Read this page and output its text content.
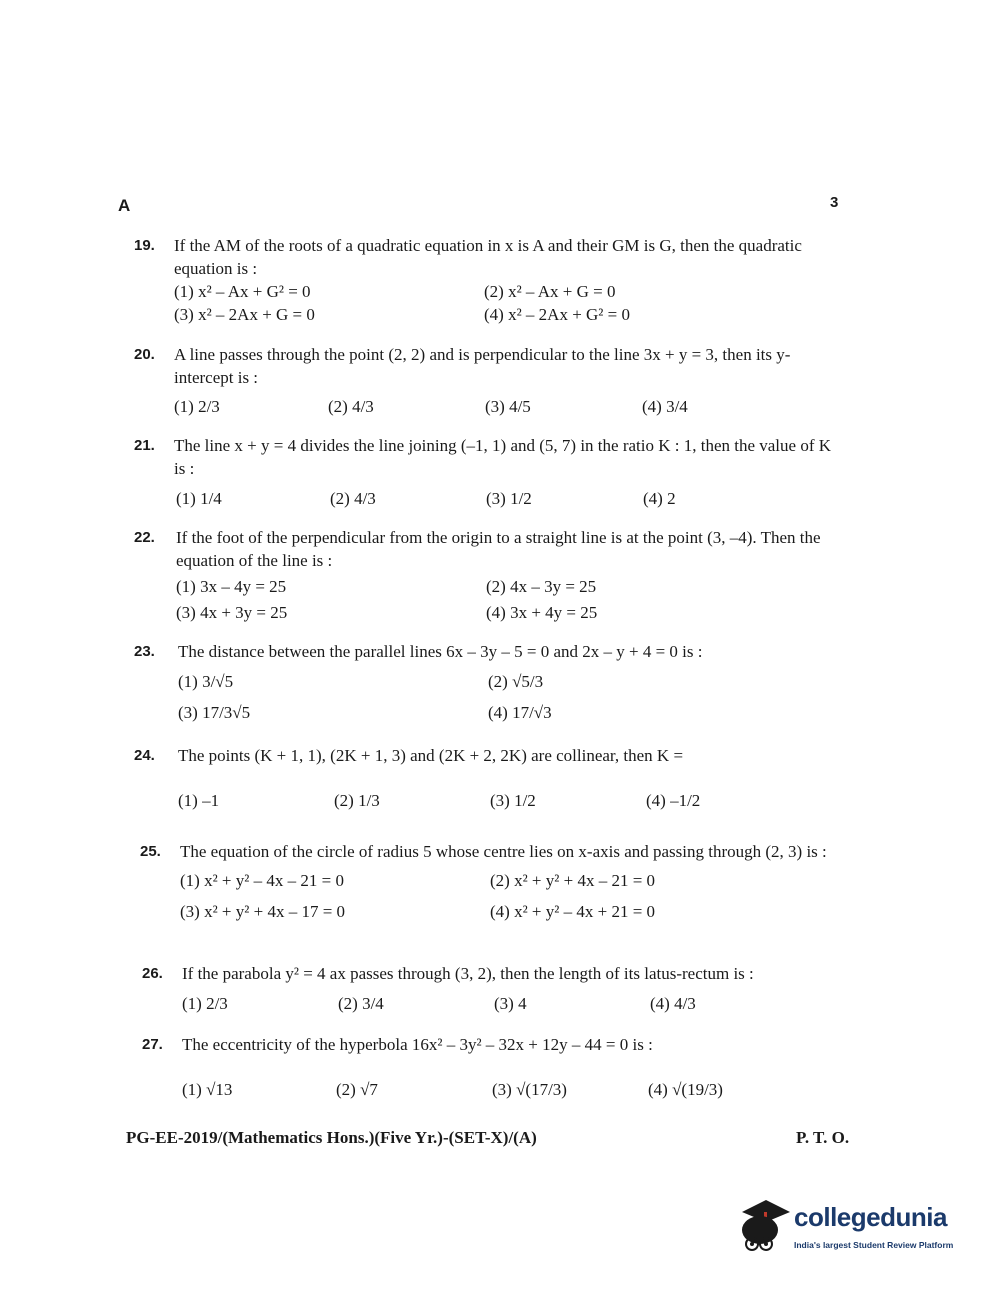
A	3
19. If the AM of the roots of a quadratic equation in x is A and their GM is G, then the quadratic equation is :
(1) x² – Ax + G² = 0	(2) x² – Ax + G = 0
(3) x² – 2Ax + G = 0	(4) x² – 2Ax + G² = 0
20. A line passes through the point (2, 2) and is perpendicular to the line 3x + y = 3, then its y-intercept is :
(1) 2/3	(2) 4/3	(3) 4/5	(4) 3/4
21. The line x + y = 4 divides the line joining (–1, 1) and (5, 7) in the ratio K : 1, then the value of K is :
(1) 1/4	(2) 4/3	(3) 1/2	(4) 2
22. If the foot of the perpendicular from the origin to a straight line is at the point (3, –4). Then the equation of the line is :
(1) 3x – 4y = 25	(2) 4x – 3y = 25
(3) 4x + 3y = 25	(4) 3x + 4y = 25
23. The distance between the parallel lines 6x – 3y – 5 = 0 and 2x – y + 4 = 0 is :
(1) 3/√5	(2) √5/3
(3) 17/3√5	(4) 17/√3
24. The points (K + 1, 1), (2K + 1, 3) and (2K + 2, 2K) are collinear, then K =
(1) –1	(2) 1/3	(3) 1/2	(4) –1/2
25. The equation of the circle of radius 5 whose centre lies on x-axis and passing through (2, 3) is :
(1) x² + y² – 4x – 21 = 0	(2) x² + y² + 4x – 21 = 0
(3) x² + y² + 4x – 17 = 0	(4) x² + y² – 4x + 21 = 0
26. If the parabola y² = 4 ax passes through (3, 2), then the length of its latus-rectum is :
(1) 2/3	(2) 3/4	(3) 4	(4) 4/3
27. The eccentricity of the hyperbola 16x² – 3y² – 32x + 12y – 44 = 0 is :
(1) √13	(2) √7	(3) √(17/3)	(4) √(19/3)
PG-EE-2019/(Mathematics Hons.)(Five Yr.)-(SET-X)/(A)	P. T. O.
collegedunia
India's largest Student Review Platform
